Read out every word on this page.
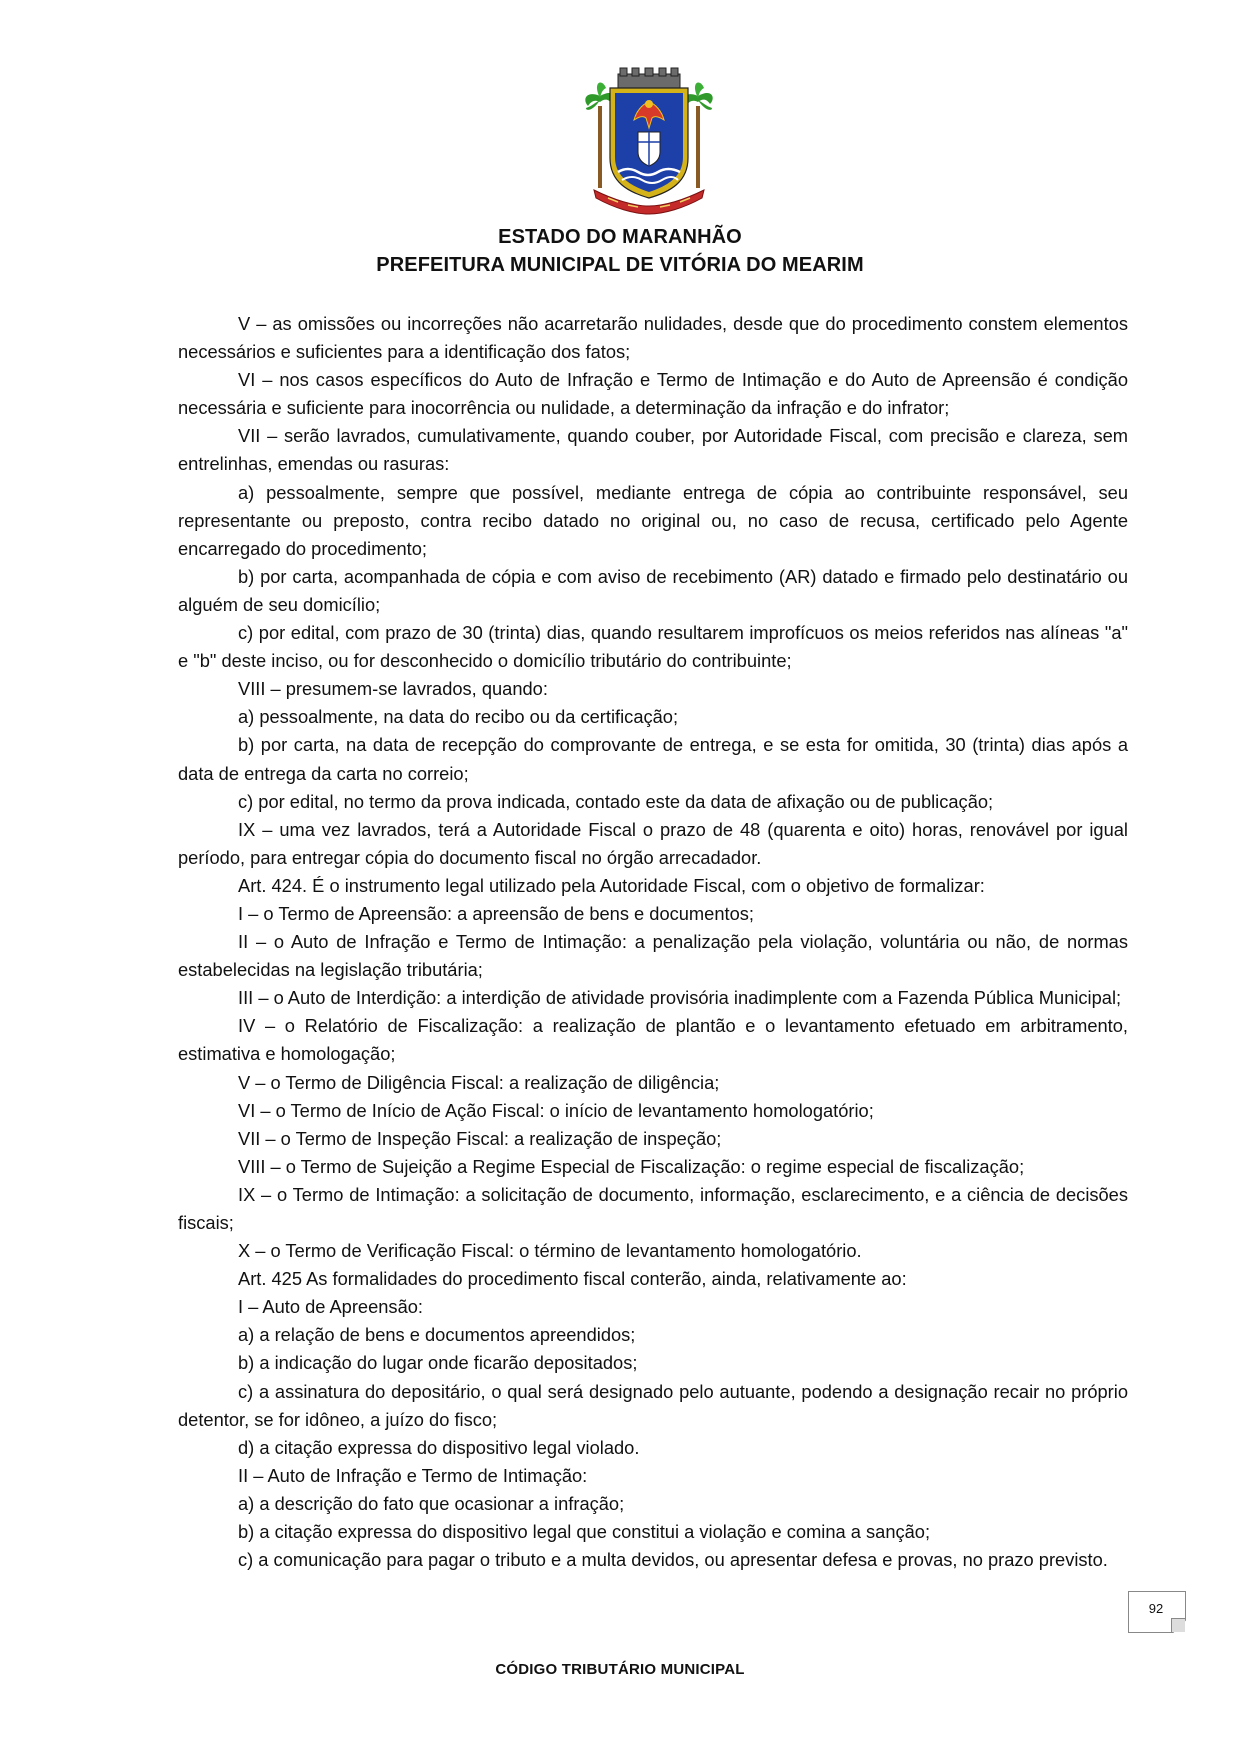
ESTADO DO MARANHÃO
PREFEITURA MUNICIPAL DE VITÓRIA DO MEARIM

V – as omissões ou incorreções não acarretarão nulidades, desde que do procedimento constem elementos necessários e suficientes para a identificação dos fatos;

VI – nos casos específicos do Auto de Infração e Termo de Intimação e do Auto de Apreensão é condição necessária e suficiente para inocorrência ou nulidade, a determinação da infração e do infrator;

VII – serão lavrados, cumulativamente, quando couber, por Autoridade Fiscal, com precisão e clareza, sem entrelinhas, emendas ou rasuras:

a) pessoalmente, sempre que possível, mediante entrega de cópia ao contribuinte responsável, seu representante ou preposto, contra recibo datado no original ou, no caso de recusa, certificado pelo Agente encarregado do procedimento;

b) por carta, acompanhada de cópia e com aviso de recebimento (AR) datado e firmado pelo destinatário ou alguém de seu domicílio;

c) por edital, com prazo de 30 (trinta) dias, quando resultarem improfícuos os meios referidos nas alíneas "a" e "b" deste inciso, ou for desconhecido o domicílio tributário do contribuinte;

VIII – presumem-se lavrados, quando:

a) pessoalmente, na data do recibo ou da certificação;

b) por carta, na data de recepção do comprovante de entrega, e se esta for omitida, 30 (trinta) dias após a data de entrega da carta no correio;

c) por edital, no termo da prova indicada, contado este da data de afixação ou de publicação;

IX – uma vez lavrados, terá a Autoridade Fiscal o prazo de 48 (quarenta e oito) horas, renovável por igual período, para entregar cópia do documento fiscal no órgão arrecadador.

Art. 424. É o instrumento legal utilizado pela Autoridade Fiscal, com o objetivo de formalizar:

I – o Termo de Apreensão: a apreensão de bens e documentos;

II – o Auto de Infração e Termo de Intimação: a penalização pela violação, voluntária ou não, de normas estabelecidas na legislação tributária;

III – o Auto de Interdição: a interdição de atividade provisória inadimplente com a Fazenda Pública Municipal;

IV – o Relatório de Fiscalização: a realização de plantão e o levantamento efetuado em arbitramento, estimativa e homologação;

V – o Termo de Diligência Fiscal: a realização de diligência;

VI – o Termo de Início de Ação Fiscal: o início de levantamento homologatório;

VII – o Termo de Inspeção Fiscal: a realização de inspeção;

VIII – o Termo de Sujeição a Regime Especial de Fiscalização: o regime especial de fiscalização;

IX – o Termo de Intimação: a solicitação de documento, informação, esclarecimento, e a ciência de decisões fiscais;

X – o Termo de Verificação Fiscal: o término de levantamento homologatório.

Art. 425 As formalidades do procedimento fiscal conterão, ainda, relativamente ao:

I – Auto de Apreensão:

a) a relação de bens e documentos apreendidos;

b) a indicação do lugar onde ficarão depositados;

c) a assinatura do depositário, o qual será designado pelo autuante, podendo a designação recair no próprio detentor, se for idôneo, a juízo do fisco;

d) a citação expressa do dispositivo legal violado.

II – Auto de Infração e Termo de Intimação:

a) a descrição do fato que ocasionar a infração;

b) a citação expressa do dispositivo legal que constitui a violação e comina a sanção;

c) a comunicação para pagar o tributo e a multa devidos, ou apresentar defesa e provas, no prazo previsto.

92
CÓDIGO TRIBUTÁRIO MUNICIPAL
